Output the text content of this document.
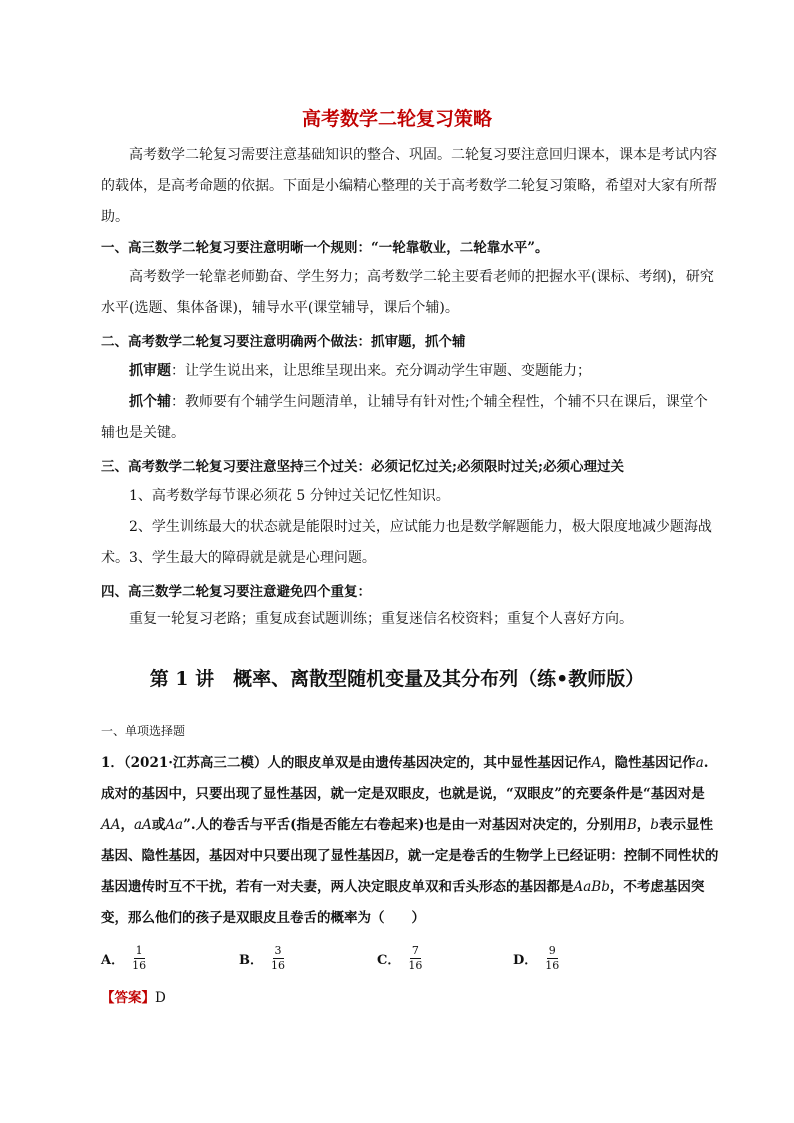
高考数学二轮复习策略

高考数学二轮复习需要注意基础知识的整合、巩固。二轮复习要注意回归课本，课本是考试内容的载体，是高考命题的依据。下面是小编精心整理的关于高考数学二轮复习策略，希望对大家有所帮助。

一、高三数学二轮复习要注意明晰一个规则：“一轮靠敬业，二轮靠水平”。

高考数学一轮靠老师勤奋、学生努力；高考数学二轮主要看老师的把握水平(课标、考纲)，研究水平(选题、集体备课)，辅导水平(课堂辅导，课后个辅)。

二、高考数学二轮复习要注意明确两个做法：抓审题，抓个辅

抓审题：让学生说出来，让思维呈现出来。充分调动学生审题、变题能力；

抓个辅：教师要有个辅学生问题清单，让辅导有针对性;个辅全程性，个辅不只在课后，课堂个辅也是关键。

三、高考数学二轮复习要注意坚持三个过关：必须记忆过关;必须限时过关;必须心理过关

1、高考数学每节课必须花 5 分钟过关记忆性知识。

2、学生训练最大的状态就是能限时过关，应试能力也是数学解题能力，极大限度地减少题海战术。 3、学生最大的障碍就是就是心理问题。

四、高三数学二轮复习要注意避免四个重复：

重复一轮复习老路；重复成套试题训练；重复迷信名校资料；重复个人喜好方向。

第 1 讲　概率、离散型随机变量及其分布列（练•教师版）
一、单项选择题

1．（2021·江苏高三二模）人的眼皮单双是由遗传基因决定的，其中显性基因记作A，隐性基因记作a.成对的基因中，只要出现了显性基因，就一定是双眼皮，也就是说，“双眼皮”的充要条件是“基因对是AA，aA或Aa”.人的卷舌与平舌(指是否能左右卷起来)也是由一对基因对决定的，分别用B，b表示显性基因、隐性基因，基因对中只要出现了显性基因B，就一定是卷舌的生物学上已经证明：控制不同性状的基因遗传时互不干扰，若有一对夫妻，两人决定眼皮单双和舌头形态的基因都是AaBb，不考虑基因突变，那么他们的孩子是双眼皮且卷舌的概率为（　　）

A． $\frac{1}{16}$	B． $\frac{3}{16}$	C． $\frac{7}{16}$	D． $\frac{9}{16}$
【答案】D
